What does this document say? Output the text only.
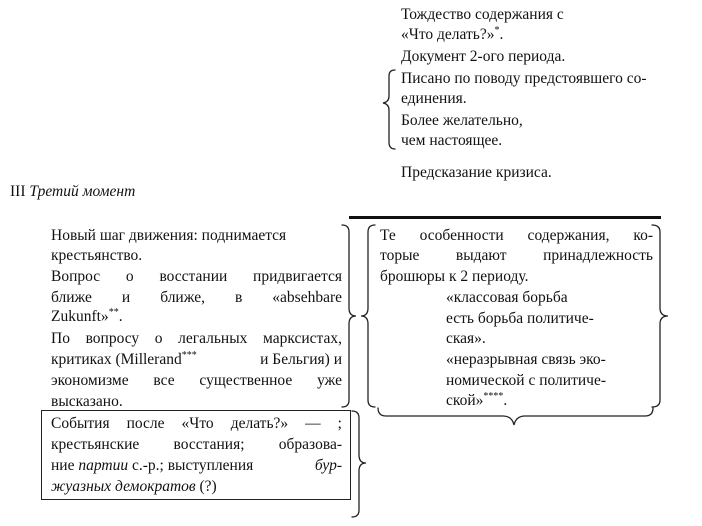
Тождество содержания с
«Что делать?»*.
Документ 2-ого периода.
Писано по поводу предстоявшего со-
единения.
Более желательно,
чем настоящее.
Предсказание кризиса.
III Третий момент
Новый шаг движения: поднимается
крестьянство.
Вопрос о восстании придвигается
ближе и ближе, в «absehbare
Zukunft»**.
По вопросу о легальных марксистах,
критиках (Millerand***	и Бельгия) и
экономизме все существенное уже
высказано.
События после «Что делать?» — ;
крестьянские восстания; образова-
ние партии с.-р.; выступления	бур-
жуазных демократов (?)
Те особенности содержания, ко-
торые выдают принадлежность
брошюры к 2 периоду.
«классовая борьба
есть борьба политиче-
ская».
«неразрывная связь эко-
номической с политиче-
ской»****.
